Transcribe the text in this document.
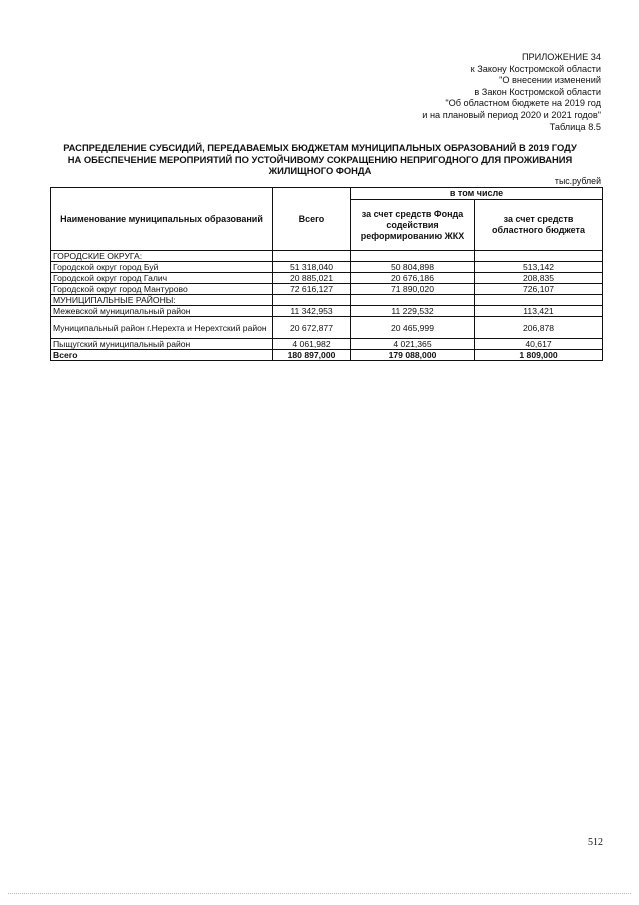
ПРИЛОЖЕНИЕ 34
к Закону Костромской области
"О внесении изменений
в Закон Костромской области
"Об областном бюджете на 2019 год
и на плановый период 2020 и 2021 годов"
Таблица 8.5
РАСПРЕДЕЛЕНИЕ СУБСИДИЙ, ПЕРЕДАВАЕМЫХ БЮДЖЕТАМ МУНИЦИПАЛЬНЫХ ОБРАЗОВАНИЙ В 2019 ГОДУ
НА ОБЕСПЕЧЕНИЕ МЕРОПРИЯТИЙ ПО УСТОЙЧИВОМУ СОКРАЩЕНИЮ НЕПРИГОДНОГО ДЛЯ ПРОЖИВАНИЯ
ЖИЛИЩНОГО ФОНДА
тыс.рублей
Наименование муниципальных образований	Всего	в том числе	
		за счет средств Фонда содействия реформированию ЖКХ	за счет средств областного бюджета
ГОРОДСКИЕ ОКРУГА:			
Городской округ город Буй	51 318,040	50 804,898	513,142
Городской округ город Галич	20 885,021	20 676,186	208,835
Городской округ город Мантурово	72 616,127	71 890,020	726,107
МУНИЦИПАЛЬНЫЕ РАЙОНЫ:			
Межевской муниципальный район	11 342,953	11 229,532	113,421
Муниципальный район г.Нерехта и Нерехтский район	20 672,877	20 465,999	206,878
Пыщугский муниципальный район	4 061,982	4 021,365	40,617
Всего	180 897,000	179 088,000	1 809,000
512
